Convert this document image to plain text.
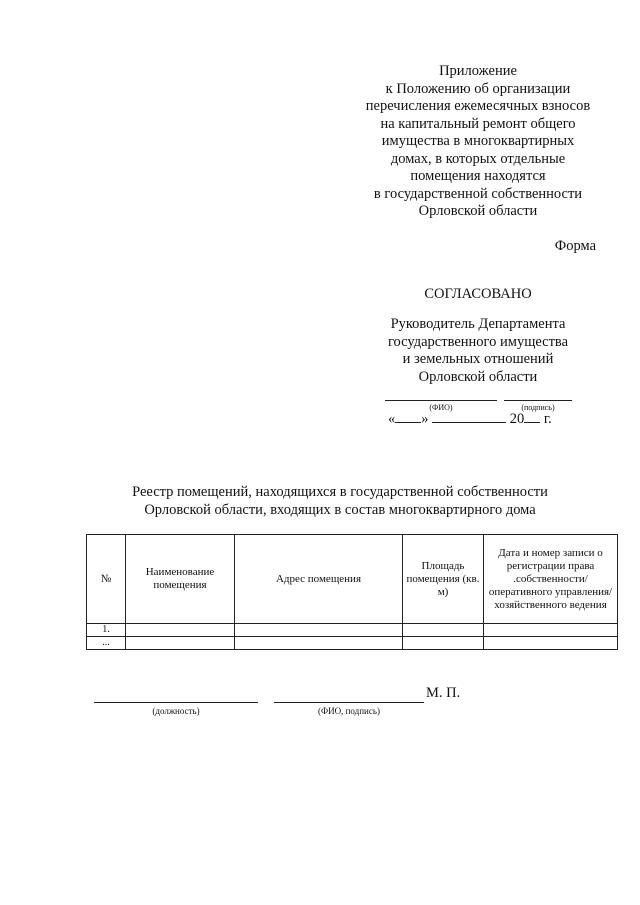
Приложение
к Положению об организации
перечисления ежемесячных взносов
на капитальный ремонт общего
имущества в многоквартирных
домах, в которых отдельные
помещения находятся
в государственной собственности
Орловской области
Форма
СОГЛАСОВАНО
Руководитель Департамента
государственного имущества
и земельных отношений
Орловской области
(ФИО)	(подпись)
« »	20 г.
Реестр помещений, находящихся в государственной собственности
Орловской области, входящих в состав многоквартирного дома
№	Наименование помещения	Адрес помещения	Площадь помещения (кв. м)	Дата и номер записи о регистрации права .собственности/ оперативного управления/ хозяйственного ведения
1.				
...				
(должность)	(ФИО, подпись)
М. П.
